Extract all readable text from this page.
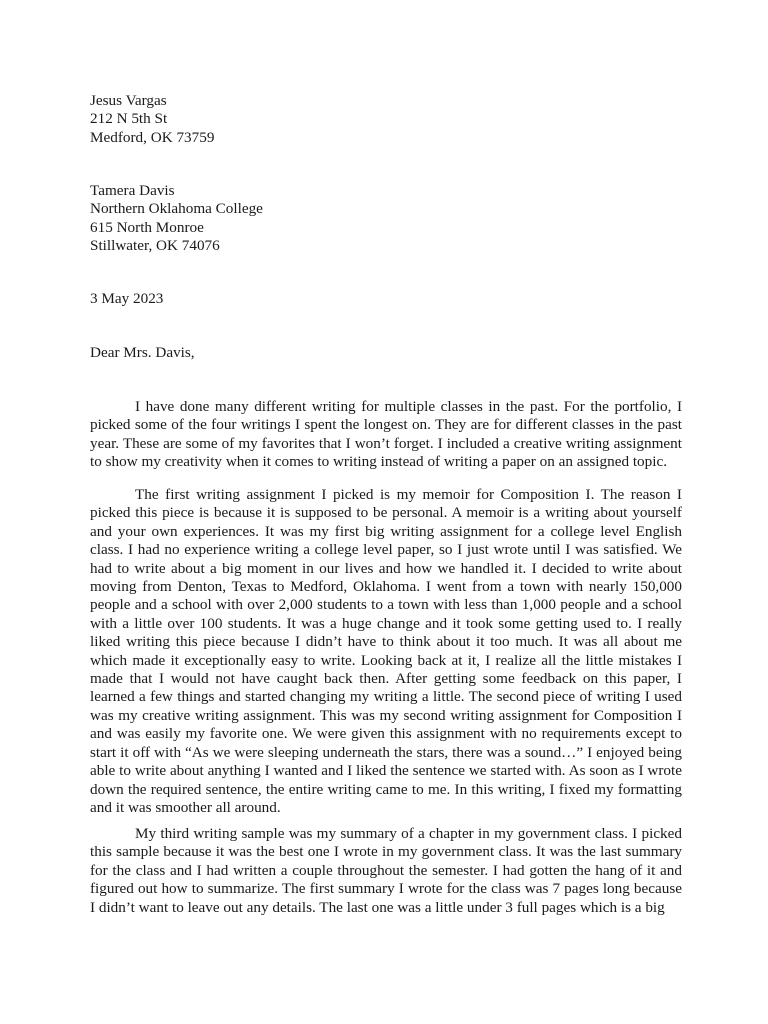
Jesus Vargas
212 N 5th St
Medford, OK 73759
Tamera Davis
Northern Oklahoma College
615 North Monroe
Stillwater, OK 74076
3 May 2023
Dear Mrs. Davis,

I have done many different writing for multiple classes in the past. For the portfolio, I picked some of the four writings I spent the longest on. They are for different classes in the past year. These are some of my favorites that I won’t forget. I included a creative writing assignment to show my creativity when it comes to writing instead of writing a paper on an assigned topic.

The first writing assignment I picked is my memoir for Composition I. The reason I picked this piece is because it is supposed to be personal. A memoir is a writing about yourself and your own experiences. It was my first big writing assignment for a college level English class. I had no experience writing a college level paper, so I just wrote until I was satisfied. We had to write about a big moment in our lives and how we handled it. I decided to write about moving from Denton, Texas to Medford, Oklahoma. I went from a town with nearly 150,000 people and a school with over 2,000 students to a town with less than 1,000 people and a school with a little over 100 students. It was a huge change and it took some getting used to. I really liked writing this piece because I didn’t have to think about it too much. It was all about me which made it exceptionally easy to write. Looking back at it, I realize all the little mistakes I made that I would not have caught back then. After getting some feedback on this paper, I learned a few things and started changing my writing a little. The second piece of writing I used was my creative writing assignment. This was my second writing assignment for Composition I and was easily my favorite one. We were given this assignment with no requirements except to start it off with “As we were sleeping underneath the stars, there was a sound…” I enjoyed being able to write about anything I wanted and I liked the sentence we started with. As soon as I wrote down the required sentence, the entire writing came to me. In this writing, I fixed my formatting and it was smoother all around.

My third writing sample was my summary of a chapter in my government class. I picked this sample because it was the best one I wrote in my government class. It was the last summary for the class and I had written a couple throughout the semester. I had gotten the hang of it and figured out how to summarize. The first summary I wrote for the class was 7 pages long because I didn’t want to leave out any details. The last one was a little under 3 full pages which is a big
